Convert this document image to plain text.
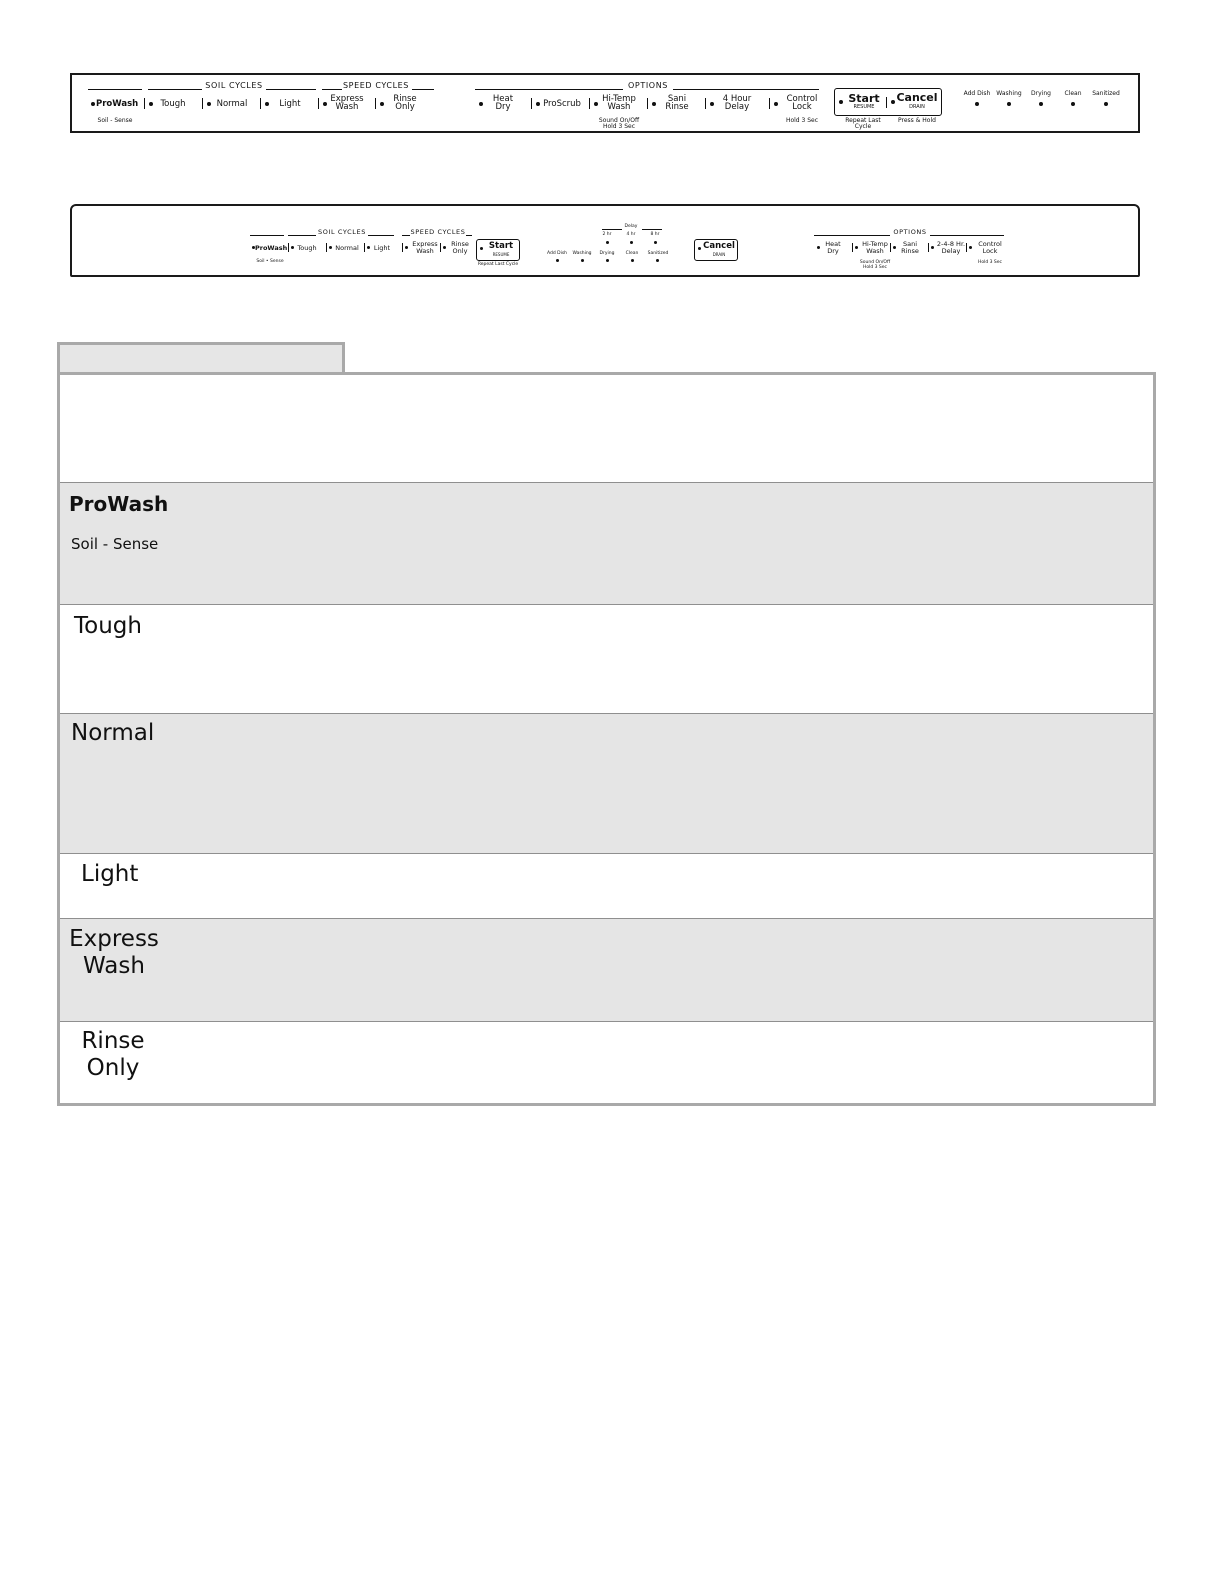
SOIL CYCLES	SPEED CYCLES	OPTIONS
ProWash
Soil - Sense
Tough	Normal	Light	Express
Wash
Rinse
Only
Heat
Dry	ProScrub	Hi-Temp
Wash
Sound On/Off
Hold 3 Sec
Sani
Rinse
4 Hour
Delay
Control
Lock
Hold 3 Sec
Start
RESUME
Cancel
DRAIN
Repeat Last
Cycle
Press & Hold
Add Dish Washing	Drying	Clean	Sanitized
SOIL CYCLES	SPEED CYCLES
ProWash
Soil • Sense
Tough	Normal Light	Express
Wash
Rinse
Only	Start
RESUME
Repeat Last Cycle
Delay
2 hr	4 hr	8 hr
Add Dish	Washing	Drying	Clean	Sanitized
Cancel
DRAIN
OPTIONS
Heat
Dry
Hi-Temp
Wash
Sound On/Off
Hold 3 Sec
Sani
Rinse
2-4-8 Hr.
Delay
Control
Lock
Hold 3 Sec
ProWash
Soil - Sense
Tough
Normal
Light
Express
Wash
Rinse
Only
